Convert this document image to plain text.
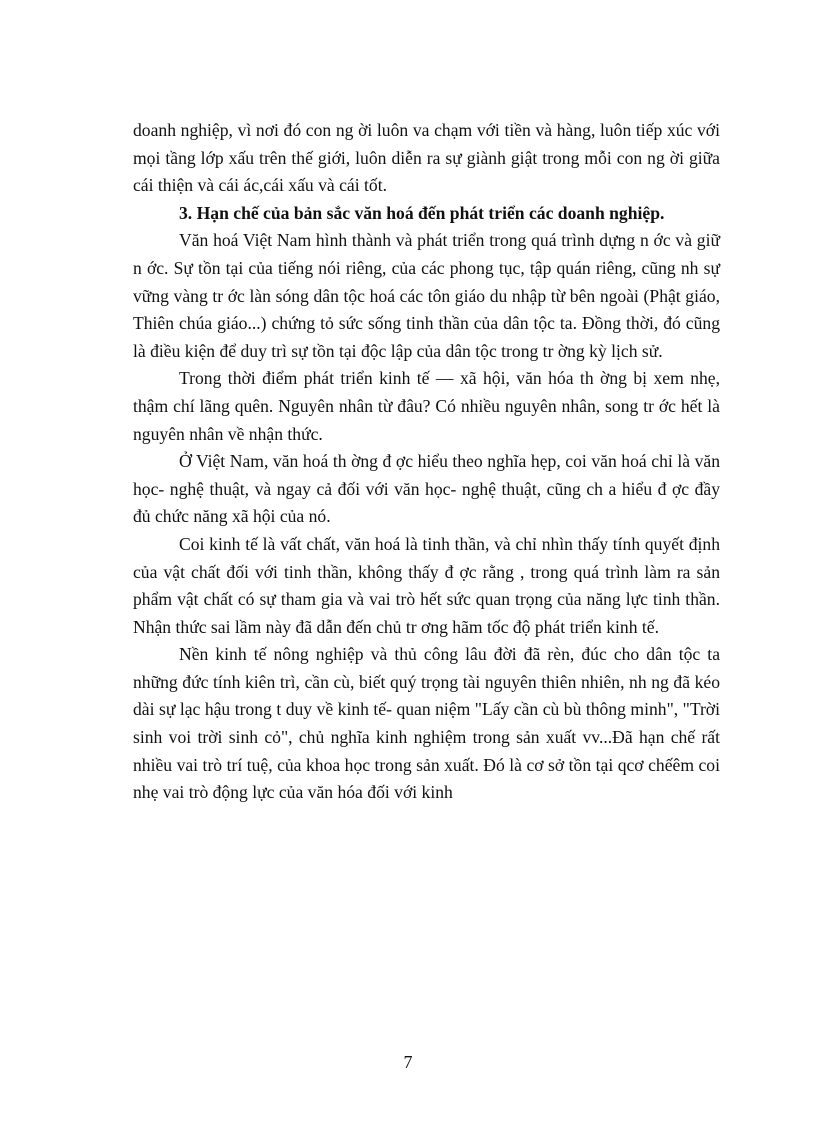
doanh nghiệp, vì nơi đó con ng ời luôn va chạm với tiền và hàng, luôn tiếp xúc với mọi tầng lớp xấu trên thế giới, luôn diễn ra sự giành giật trong mỗi con ng ời giữa cái thiện và cái ác,cái xấu và cái tốt.

3. Hạn chế của bản sắc văn hoá đến phát triển các doanh nghiệp.

Văn hoá Việt Nam hình thành và phát triển trong quá trình dựng n ớc và giữ n ớc. Sự tồn tại của tiếng nói riêng, của các phong tục, tập quán riêng, cũng nh sự vững vàng tr ớc làn sóng dân tộc hoá các tôn giáo du nhập từ bên ngoài (Phật giáo, Thiên chúa giáo...) chứng tỏ sức sống tinh thần của dân tộc ta. Đồng thời, đó cũng là điều kiện để duy trì sự tồn tại độc lập của dân tộc trong tr ờng kỳ lịch sử.

Trong thời điểm phát triển kinh tế — xã hội, văn hóa th ờng bị xem nhẹ, thậm chí lãng quên. Nguyên nhân từ đâu? Có nhiều nguyên nhân, song tr ớc hết là nguyên nhân về nhận thức.

Ở Việt Nam, văn hoá th ờng đ ợc hiểu theo nghĩa hẹp, coi văn hoá chỉ là văn học- nghệ thuật, và ngay cả đối với văn học- nghệ thuật, cũng ch a hiểu đ ợc đầy đủ chức năng xã hội của nó.

Coi kinh tế là vất chất, văn hoá là tinh thần, và chỉ nhìn thấy tính quyết định của vật chất đối với tinh thần, không thấy đ ợc rằng , trong quá trình làm ra sản phẩm vật chất có sự tham gia và vai trò hết sức quan trọng của năng lực tinh thần. Nhận thức sai lầm này đã dẫn đến chủ tr ơng hãm tốc độ phát triển kinh tế.

Nền kinh tế nông nghiệp và thủ công lâu đời đã rèn, đúc cho dân tộc ta những đức tính kiên trì, cần cù, biết quý trọng tài nguyên thiên nhiên, nh ng đã kéo dài sự lạc hậu trong t duy về kinh tế- quan niệm "Lấy cần cù bù thông minh", "Trời sinh voi trời sinh cỏ", chủ nghĩa kinh nghiệm trong sản xuất vv...Đã hạn chế rất nhiều vai trò trí tuệ, của khoa học trong sản xuất. Đó là cơ sở tồn tại qcơ chếêm coi nhẹ vai trò động lực của văn hóa đối với kinh

7
